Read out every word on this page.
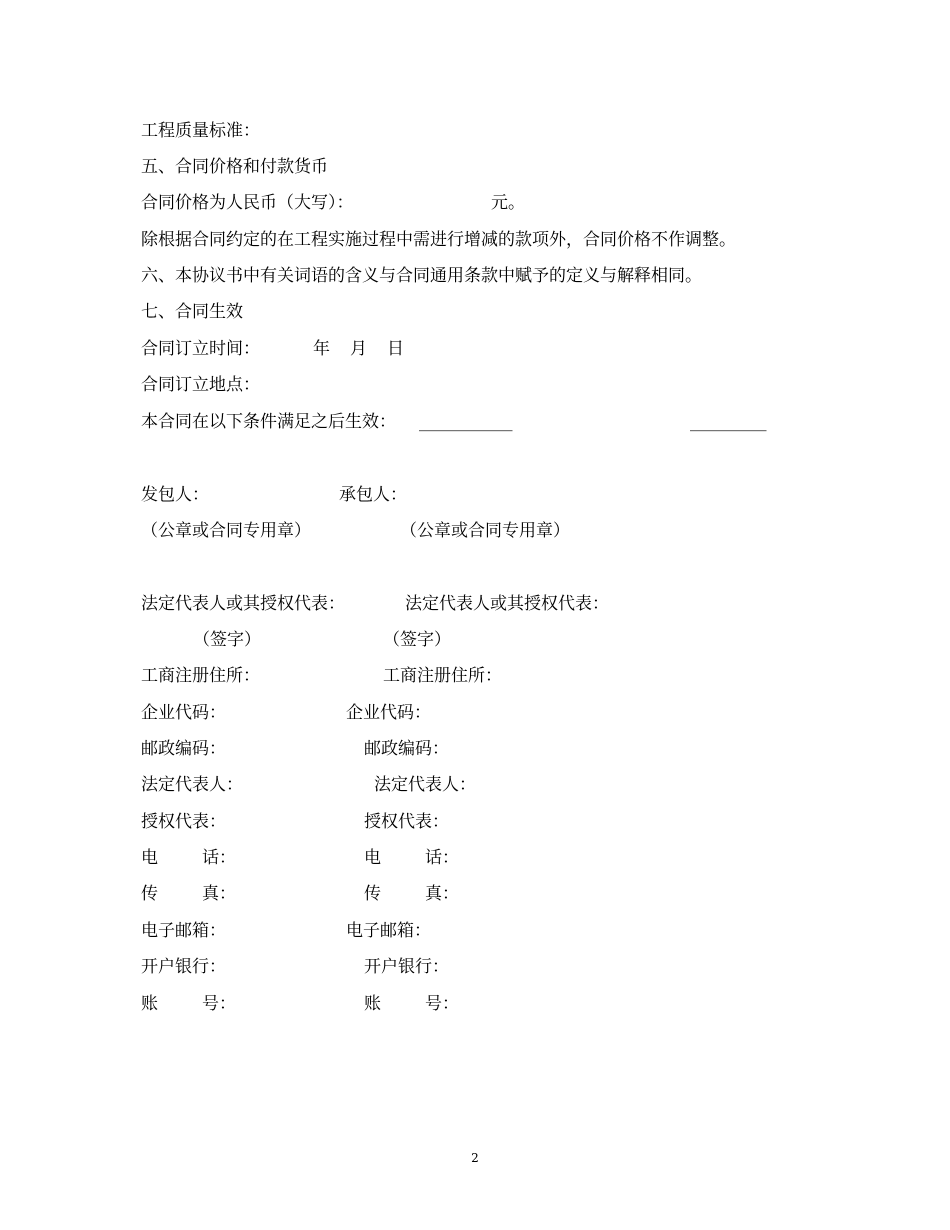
工程质量标准：
五、合同价格和付款货币
合同价格为人民币（大写）：	元。
除根据合同约定的在工程实施过程中需进行增减的款项外，合同价格不作调整。
六、本协议书中有关词语的含义与合同通用条款中赋予的定义与解释相同。
七、合同生效
合同订立时间：	年 月 日
合同订立地点：
本合同在以下条件满足之后生效： ___________	_________
发包人：	承包人：
（公章或合同专用章）	（公章或合同专用章）
法定代表人或其授权代表：	法定代表人或其授权代表：
（签字）	（签字）
工商注册住所：	工商注册住所：
企业代码：	企业代码：
邮政编码：	邮政编码：
法定代表人：	法定代表人：
授权代表：	授权代表：
电	话：	电	话：
传	真：	传	真：
电子邮箱：	电子邮箱：
开户银行：	开户银行：
账	号：	账	号：
2
